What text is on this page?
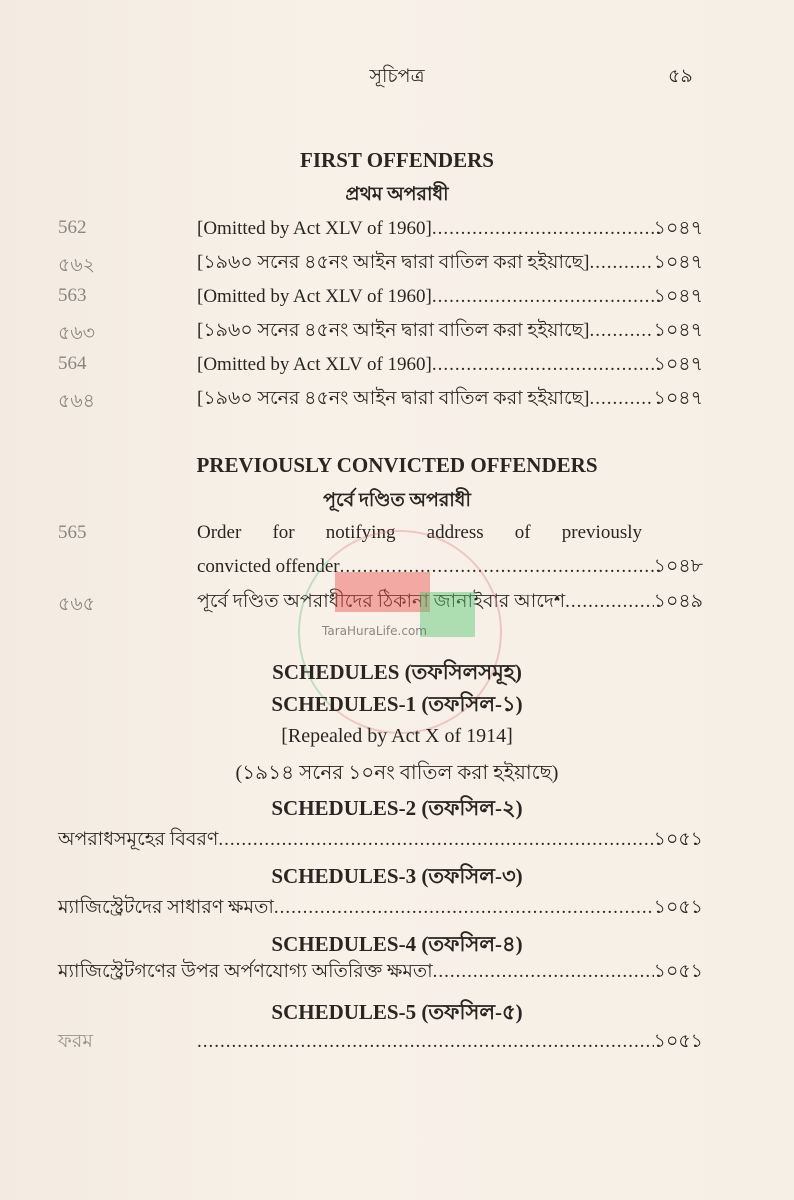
সূচিপত্র	৫৯
FIRST OFFENDERS
প্রথম অপরাধী
562	[Omitted by Act XLV of 1960] .....	১০৪৭
৫৬২	[১৯৬০ সনের ৪৫নং আইন দ্বারা বাতিল করা হইয়াছে] .....	১০৪৭
563	[Omitted by Act XLV of 1960] .....	১০৪৭
৫৬৩	[১৯৬০ সনের ৪৫নং আইন দ্বারা বাতিল করা হইয়াছে] .....	১০৪৭
564	[Omitted by Act XLV of 1960] .....	১০৪৭
৫৬৪	[১৯৬০ সনের ৪৫নং আইন দ্বারা বাতিল করা হইয়াছে] .....	১০৪৭
PREVIOUSLY CONVICTED OFFENDERS
পূর্বে দণ্ডিত অপরাধী
565	Order for notifying address of previously
convicted offender .....	১০৪৮
৫৬৫	পূর্বে দণ্ডিত অপরাধীদের ঠিকানা জানাইবার আদেশ .....	১০৪৯
TaraHuraLife.com
SCHEDULES (তফসিলসমূহ)
SCHEDULES-1 (তফসিল-১)
[Repealed by Act X of 1914]
(১৯১৪ সনের ১০নং বাতিল করা হইয়াছে)
SCHEDULES-2 (তফসিল-২)
অপরাধসমূহের বিবরণ .....	১০৫১
SCHEDULES-3 (তফসিল-৩)
ম্যাজিস্ট্রেটদের সাধারণ ক্ষমতা .....	১০৫১
SCHEDULES-4 (তফসিল-৪)
ম্যাজিস্ট্রেটগণের উপর অর্পণযোগ্য অতিরিক্ত ক্ষমতা .....	১০৫১
SCHEDULES-5 (তফসিল-৫)
ফরম .....	১০৫১
